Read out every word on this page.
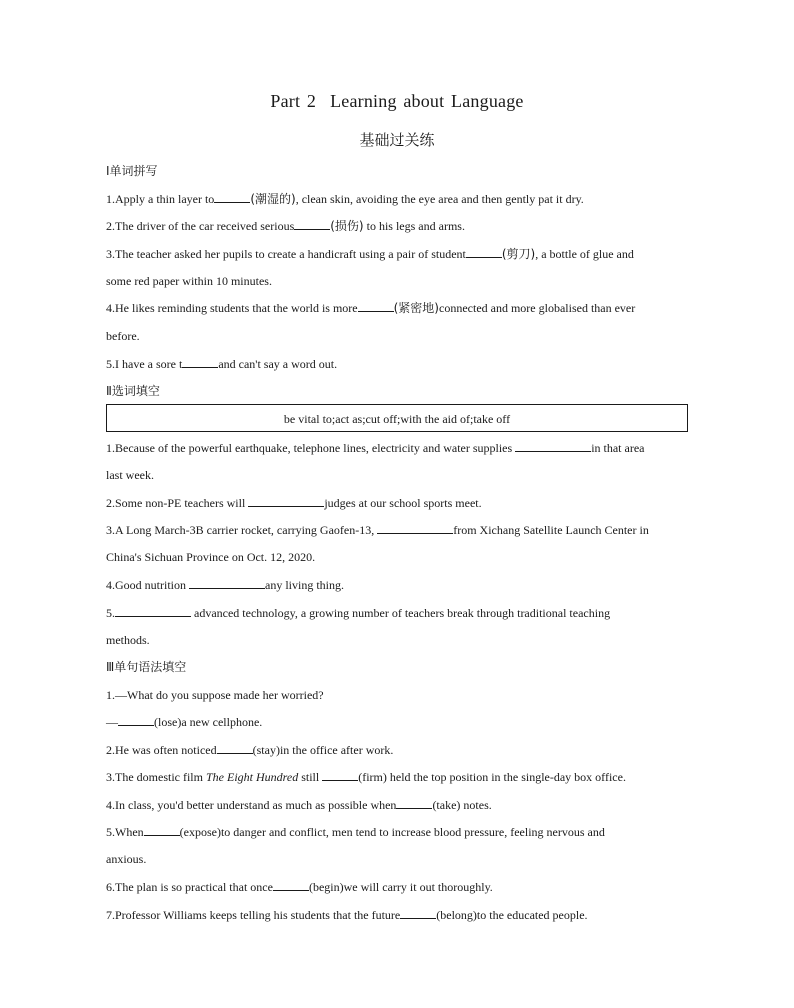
Part 2 Learning about Language
基础过关练
Ⅰ单词拼写
1.Apply a thin layer to	(潮湿的), clean skin, avoiding the eye area and then gently pat it dry.
2.The driver of the car received serious	(损伤) to his legs and arms.
3.The teacher asked her pupils to create a handicraft using a pair of student	(剪刀), a bottle of glue and
some red paper within 10 minutes.
4.He likes reminding students that the world is more	(紧密地)connected and more globalised than ever
before.
5.I have a sore t	and can't say a word out.
Ⅱ选词填空
be vital to;act as;cut off;with the aid of;take off
1.Because of the powerful earthquake, telephone lines, electricity and water supplies	in that area
last week.
2.Some non-PE teachers will	judges at our school sports meet.
3.A Long March-3B carrier rocket, carrying Gaofen-13,	from Xichang Satellite Launch Center in
China's Sichuan Province on Oct. 12, 2020.
4.Good nutrition	any living thing.
5.	advanced technology, a growing number of teachers break through traditional teaching
methods.
Ⅲ单句语法填空
1.—What do you suppose made her worried?
—	(lose)a new cellphone.
2.He was often noticed	(stay)in the office after work.
3.The domestic film The Eight Hundred still	(firm) held the top position in the single-day box office.
4.In class, you'd better understand as much as possible when	(take) notes.
5.When	(expose)to danger and conflict, men tend to increase blood pressure, feeling nervous and
anxious.
6.The plan is so practical that once	(begin)we will carry it out thoroughly.
7.Professor Williams keeps telling his students that the future	(belong)to the educated people.
